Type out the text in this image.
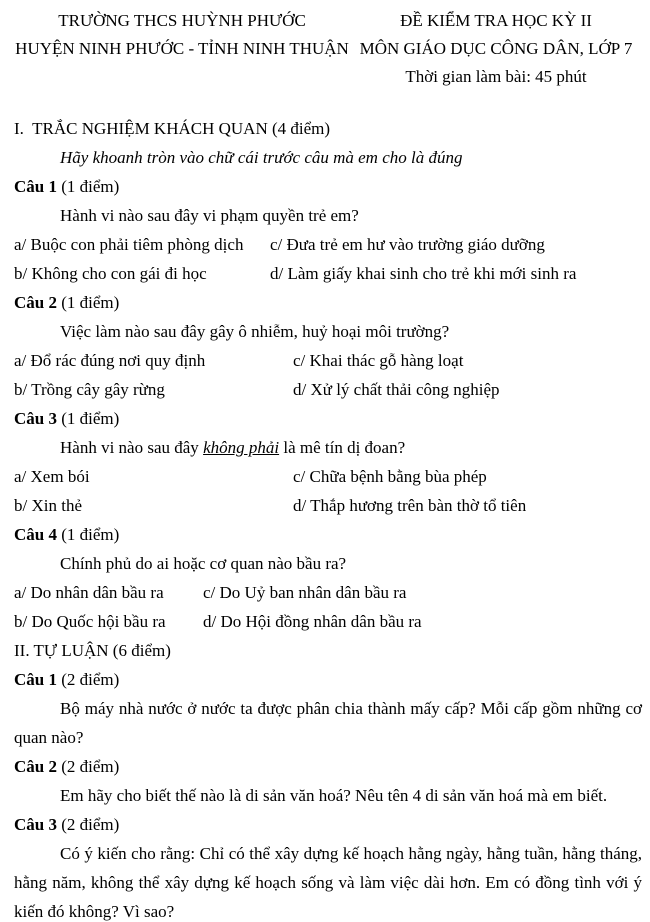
TRƯỜNG THCS HUỲNH PHƯỚC
HUYỆN NINH PHƯỚC - TỈNH NINH THUẬN
ĐỀ KIỂM TRA HỌC KỲ II
MÔN GIÁO DỤC CÔNG DÂN, LỚP 7
Thời gian làm bài: 45 phút
I.  TRẮC NGHIỆM KHÁCH QUAN (4 điểm)
Hãy khoanh tròn vào chữ cái trước câu mà em cho là đúng
Câu 1 (1 điểm)
Hành vi nào sau đây vi phạm quyền trẻ em?
a/ Buộc con phải tiêm phòng dịch c/ Đưa trẻ em hư vào trường giáo dưỡng
b/ Không cho con gái đi học	d/ Làm giấy khai sinh cho trẻ khi mới sinh ra
Câu 2 (1 điểm)
Việc làm nào sau đây gây ô nhiễm, huỷ hoại môi trường?
a/ Đổ rác đúng nơi quy định	c/ Khai thác gỗ hàng loạt
b/ Trồng cây gây rừng	d/ Xử lý chất thải công nghiệp
Câu 3 (1 điểm)
Hành vi nào sau đây không phải là mê tín dị đoan?
a/ Xem bói	c/ Chữa bệnh bằng bùa phép
b/ Xin thẻ	d/ Thắp hương trên bàn thờ tổ tiên
Câu 4 (1 điểm)
Chính phủ do ai hoặc cơ quan nào bầu ra?
a/ Do nhân dân bầu ra c/ Do Uỷ ban nhân dân bầu ra
b/ Do Quốc hội bầu ra d/ Do Hội đồng nhân dân bầu ra
II. TỰ LUẬN (6 điểm)
Câu 1 (2 điểm)
Bộ máy nhà nước ở nước ta được phân chia thành mấy cấp? Mỗi cấp gồm những cơ quan nào?
Câu 2 (2 điểm)
Em hãy cho biết thế nào là di sản văn hoá? Nêu tên 4 di sản văn hoá mà em biết.
Câu 3 (2 điểm)
Có ý kiến cho rằng: Chỉ có thể xây dựng kế hoạch hằng ngày, hằng tuần, hằng tháng, hằng năm, không thể xây dựng kế hoạch sống và làm việc dài hơn. Em có đồng tình với ý kiến đó không? Vì sao?
